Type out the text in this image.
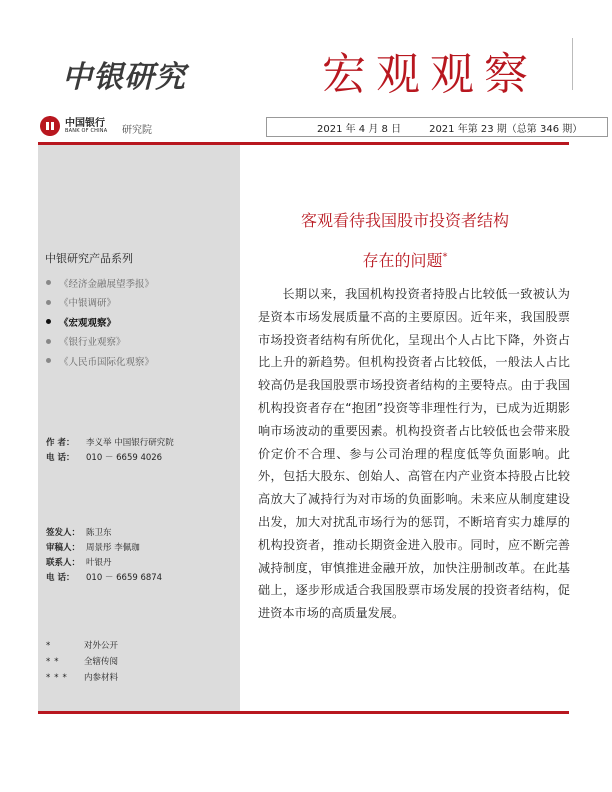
中银研究	宏观观察
中国银行
BANK OF CHINA 研究院	2021 年 4 月 8 日	2021 年第 23 期（总第 346 期）
中银研究产品系列
《经济金融展望季报》
《中银调研》
《宏观观察》
《银行业观察》
《人民币国际化观察》
作 者： 李义举 中国银行研究院
电 话： 010 － 6659 4026
签发人： 陈卫东
审稿人： 周景彤 李佩珈
联系人： 叶银丹
电 话： 010 － 6659 6874
*	对外公开
**	全辖传阅
*** 内参材料
客观看待我国股市投资者结构
存在的问题*

长期以来，我国机构投资者持股占比较低一致被认为是资本市场发展质量不高的主要原因。近年来，我国股票市场投资者结构有所优化，呈现出个人占比下降，外资占比上升的新趋势。但机构投资者占比较低，一般法人占比较高仍是我国股票市场投资者结构的主要特点。由于我国机构投资者存在“抱团”投资等非理性行为，已成为近期影响市场波动的重要因素。机构投资者占比较低也会带来股价定价不合理、参与公司治理的程度低等负面影响。此外，包括大股东、创始人、高管在内产业资本持股占比较高放大了减持行为对市场的负面影响。未来应从制度建设出发，加大对扰乱市场行为的惩罚，不断培育实力雄厚的机构投资者，推动长期资金进入股市。同时，应不断完善减持制度，审慎推进金融开放，加快注册制改革。在此基础上，逐步形成适合我国股票市场发展的投资者结构，促进资本市场的高质量发展。
